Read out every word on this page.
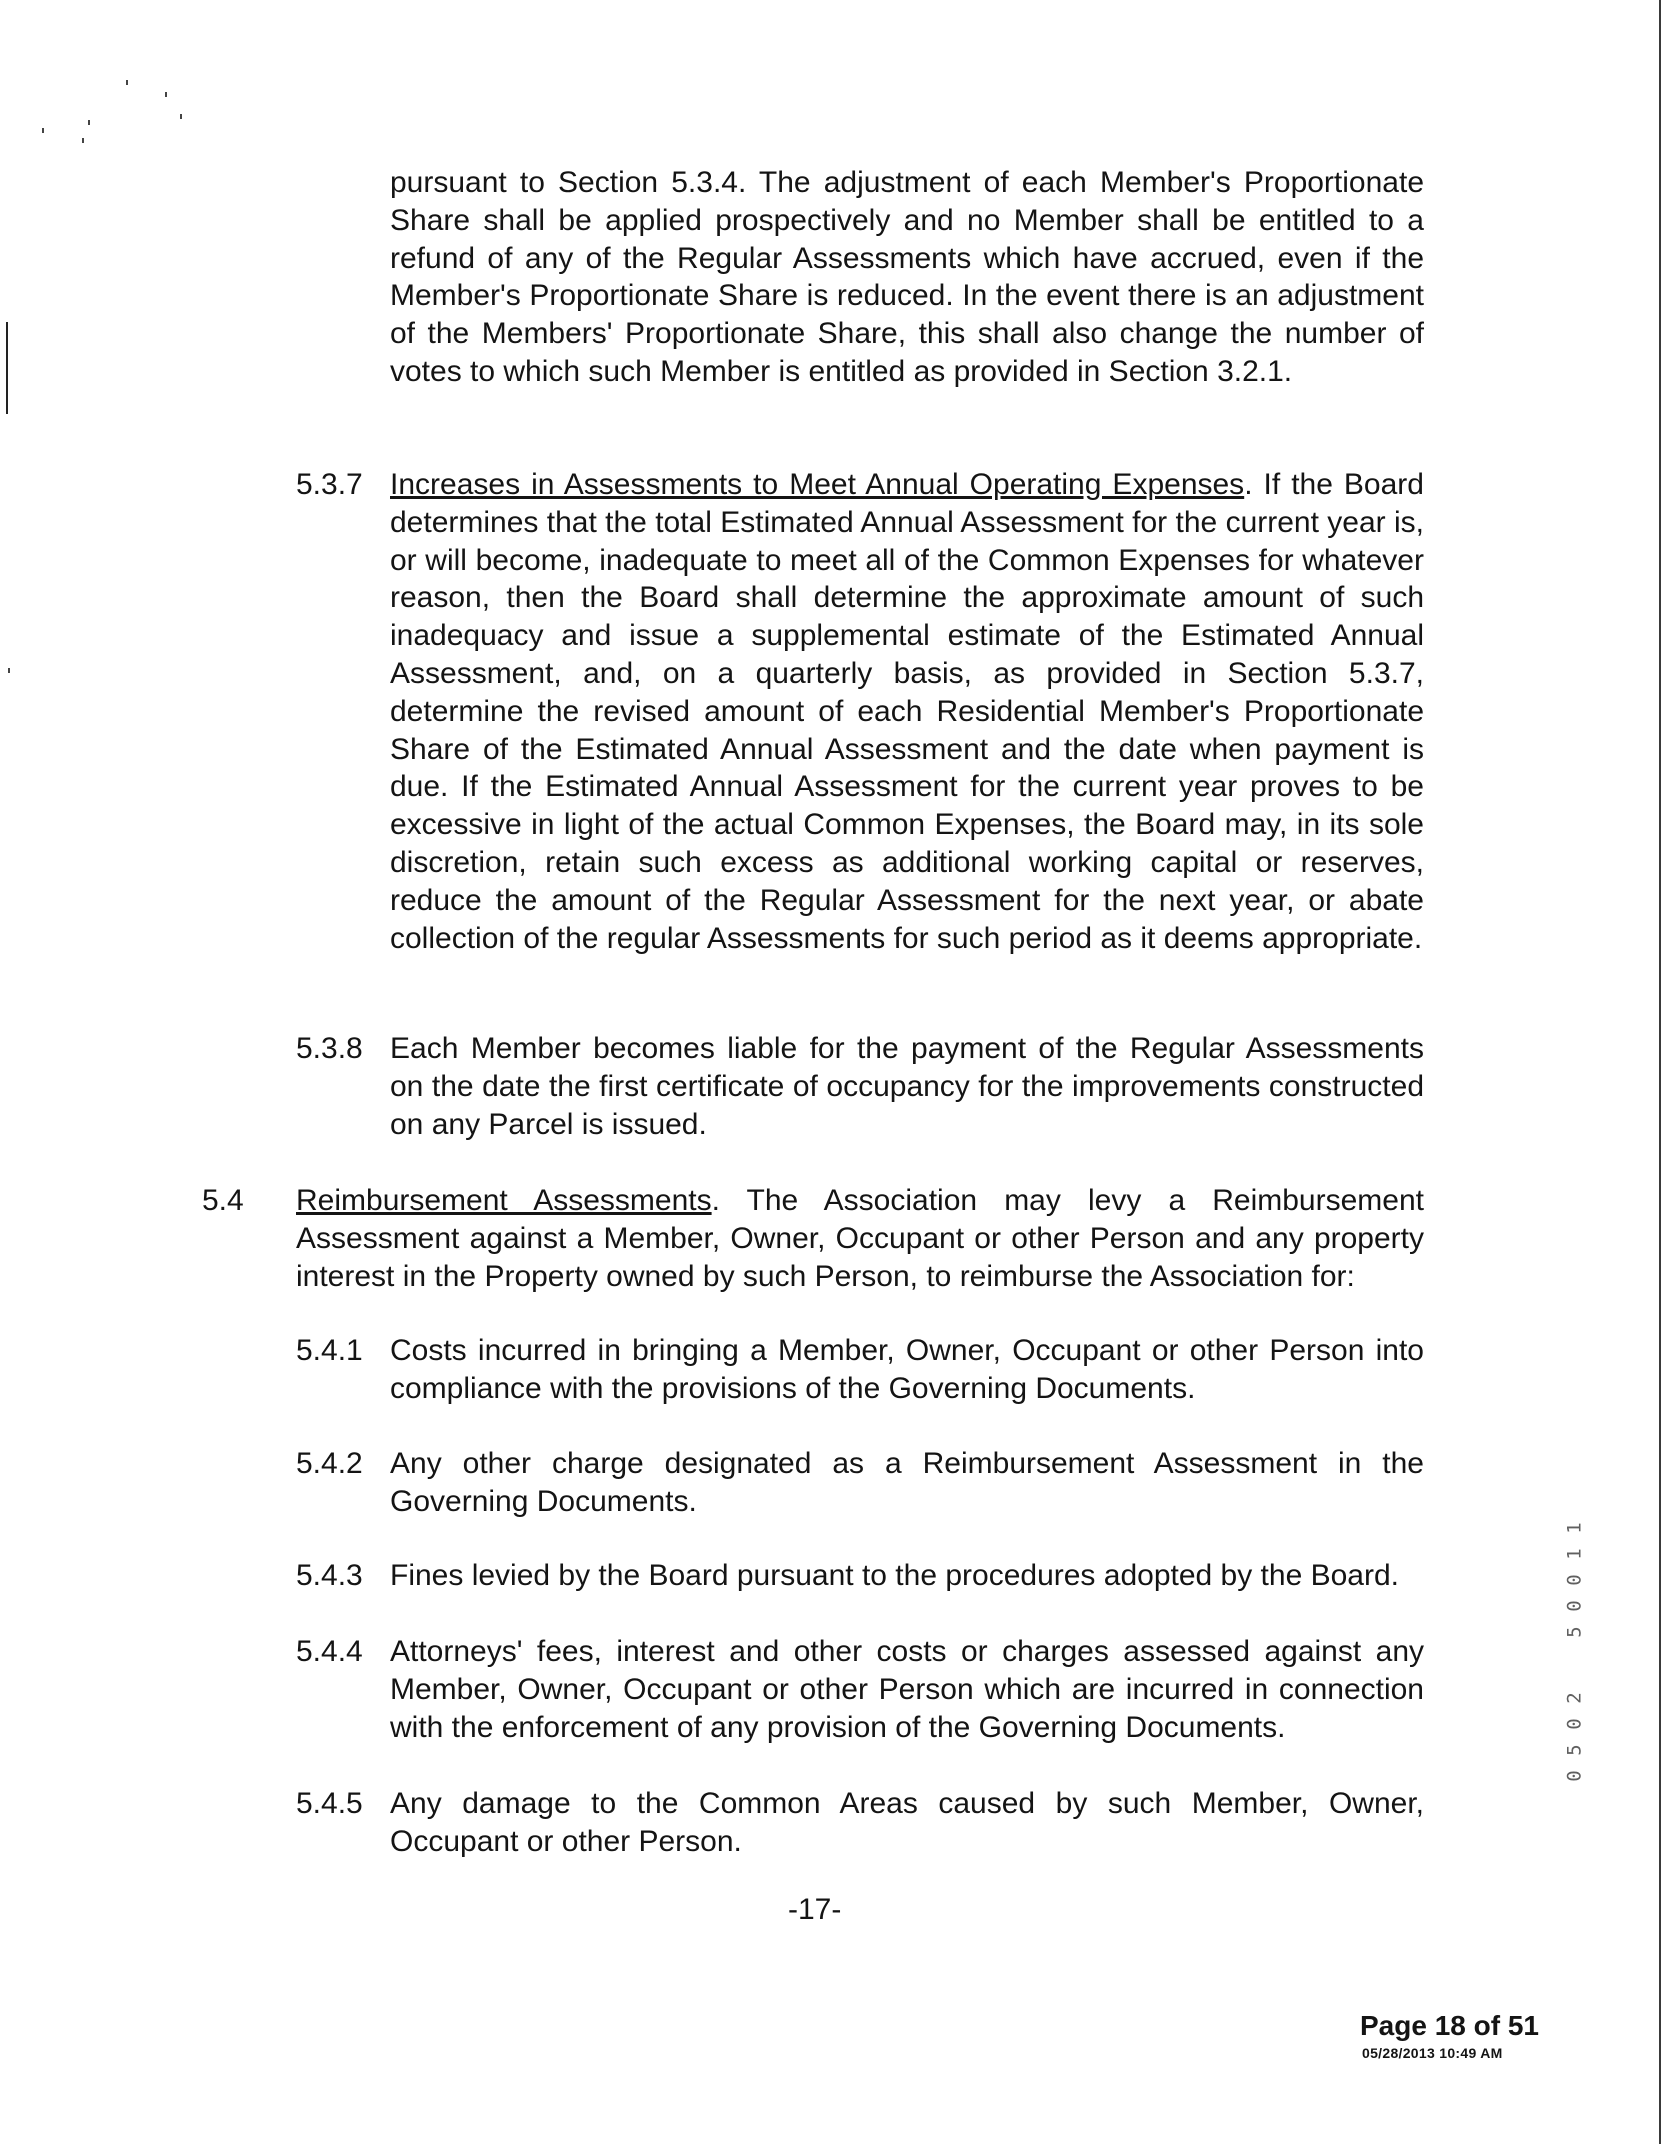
pursuant to Section 5.3.4. The adjustment of each Member's Proportionate Share shall be applied prospectively and no Member shall be entitled to a refund of any of the Regular Assessments which have accrued, even if the Member's Proportionate Share is reduced. In the event there is an adjustment of the Members' Proportionate Share, this shall also change the number of votes to which such Member is entitled as provided in Section 3.2.1.
5.3.7 Increases in Assessments to Meet Annual Operating Expenses. If the Board determines that the total Estimated Annual Assessment for the current year is, or will become, inadequate to meet all of the Common Expenses for whatever reason, then the Board shall determine the approximate amount of such inadequacy and issue a supplemental estimate of the Estimated Annual Assessment, and, on a quarterly basis, as provided in Section 5.3.7, determine the revised amount of each Residential Member's Proportionate Share of the Estimated Annual Assessment and the date when payment is due. If the Estimated Annual Assessment for the current year proves to be excessive in light of the actual Common Expenses, the Board may, in its sole discretion, retain such excess as additional working capital or reserves, reduce the amount of the Regular Assessment for the next year, or abate collection of the regular Assessments for such period as it deems appropriate.
5.3.8 Each Member becomes liable for the payment of the Regular Assessments on the date the first certificate of occupancy for the improvements constructed on any Parcel is issued.
5.4 Reimbursement Assessments. The Association may levy a Reimbursement Assessment against a Member, Owner, Occupant or other Person and any property interest in the Property owned by such Person, to reimburse the Association for:
5.4.1 Costs incurred in bringing a Member, Owner, Occupant or other Person into compliance with the provisions of the Governing Documents.
5.4.2 Any other charge designated as a Reimbursement Assessment in the Governing Documents.
5.4.3 Fines levied by the Board pursuant to the procedures adopted by the Board.
5.4.4 Attorneys' fees, interest and other costs or charges assessed against any Member, Owner, Occupant or other Person which are incurred in connection with the enforcement of any provision of the Governing Documents.
5.4.5 Any damage to the Common Areas caused by such Member, Owner, Occupant or other Person.
-17-
1
1
0
0
5
2
0
5
0
Page 18 of 51
05/28/2013 10:49 AM
